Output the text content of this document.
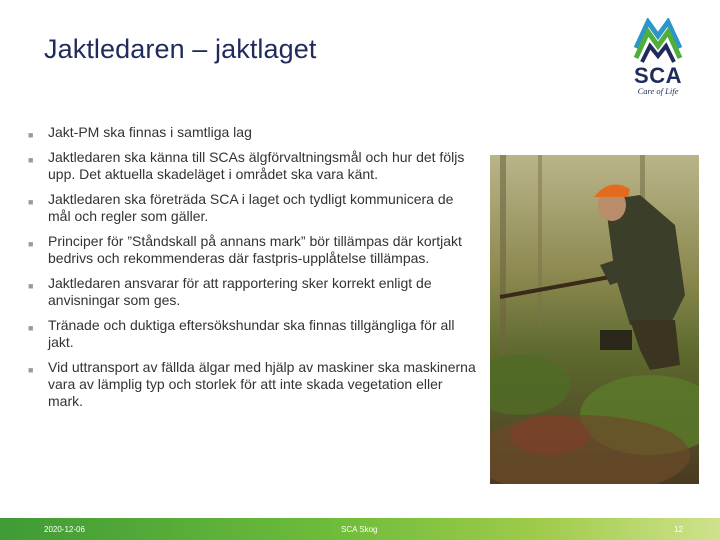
Jaktledaren – jaktlaget
SCA
Care of Life
■ Jakt-PM ska finnas i samtliga lag
■ Jaktledaren ska känna till SCAs älgförvaltningsmål och hur det följs upp. Det aktuella skadeläget i området ska vara känt.
■ Jaktledaren ska företräda SCA i laget och tydligt kommunicera de mål och regler som gäller.
■ Principer för ”Ståndskall på annans mark” bör tillämpas där kortjakt bedrivs och rekommenderas där fastpris-upplåtelse tillämpas.
■ Jaktledaren ansvarar för att rapportering sker korrekt enligt de anvisningar som ges.
■ Tränade och duktiga eftersökshundar ska finnas tillgängliga för all jakt.
■ Vid uttransport av fällda älgar med hjälp av maskiner ska maskinerna vara av lämplig typ och storlek för att inte skada vegetation eller mark.
2020-12-06	SCA Skog	12
